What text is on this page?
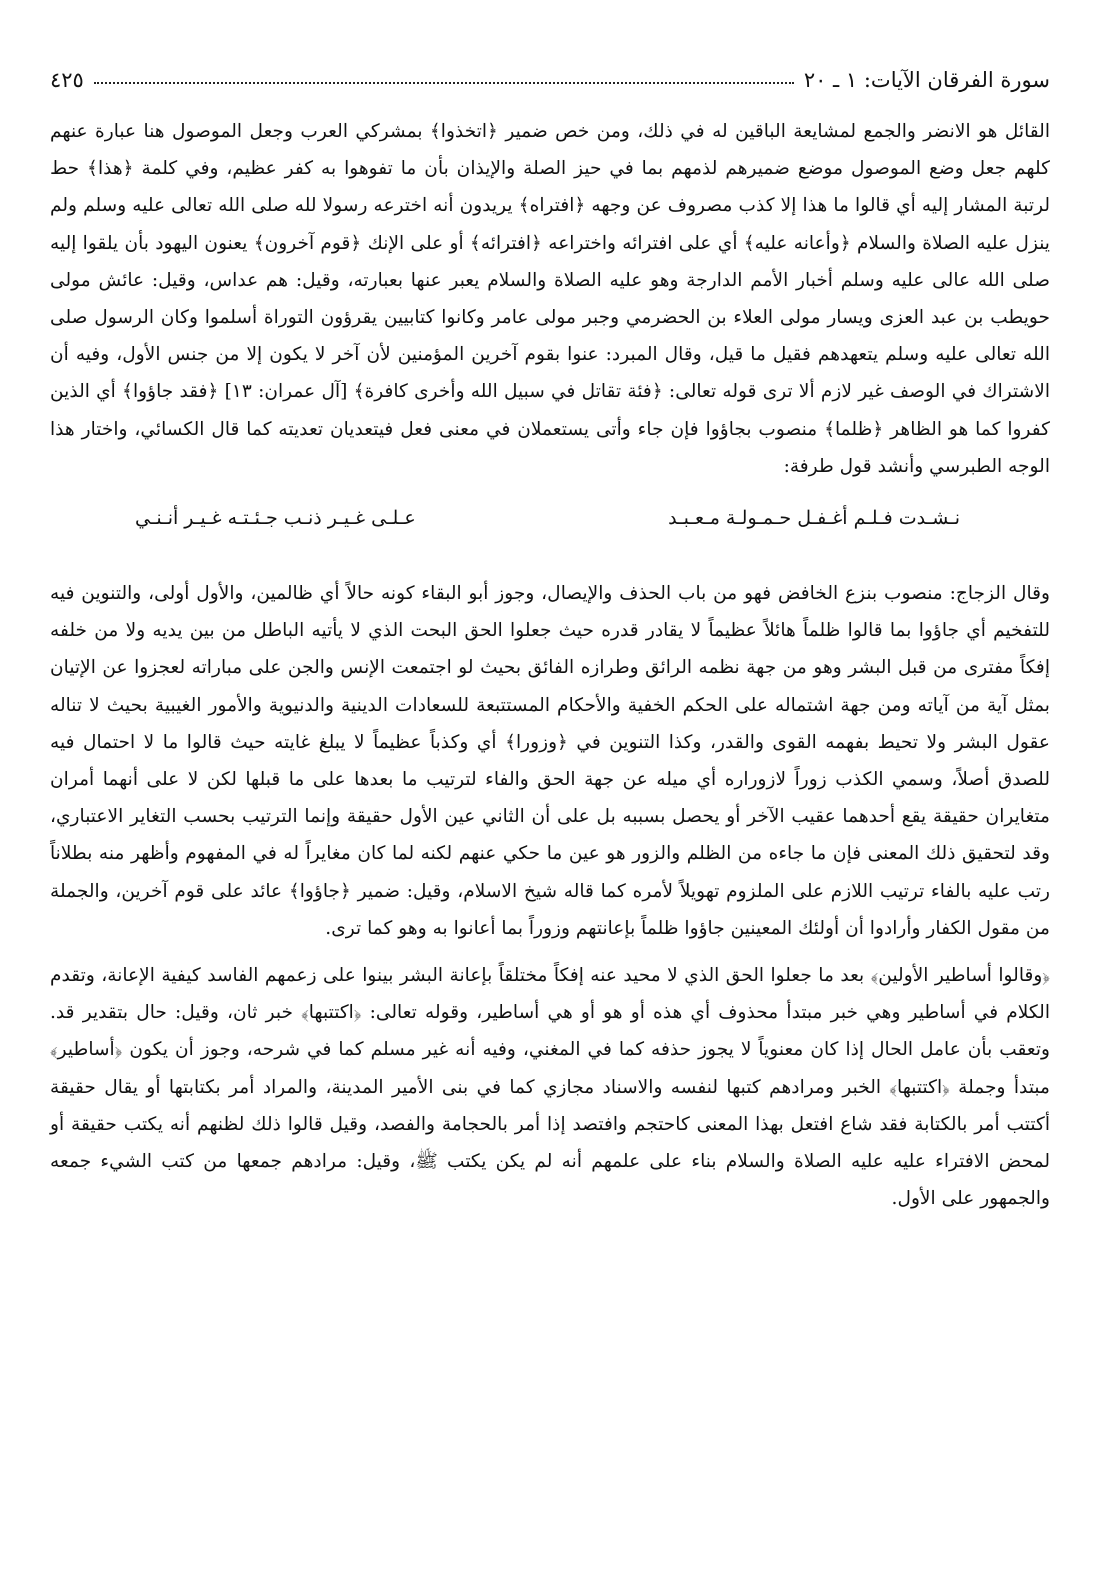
سورة الفرقان الآيات: ١ ـ ٢٠
٤٢٥

القائل هو الانضر والجمع لمشايعة الباقين له في ذلك، ومن خص ضمير ﴿اتخذوا﴾ بمشركي العرب وجعل الموصول هنا عبارة عنهم كلهم جعل وضع الموصول موضع ضميرهم لذمهم بما في حيز الصلة والإيذان بأن ما تفوهوا به كفر عظيم، وفي كلمة ﴿هذا﴾ حط لرتبة المشار إليه أي قالوا ما هذا إلا كذب مصروف عن وجهه ﴿افتراه﴾ يريدون أنه اخترعه رسولا لله صلى الله تعالى عليه وسلم ولم ينزل عليه الصلاة والسلام ﴿وأعانه عليه﴾ أي على افترائه واختراعه ﴿افترائه﴾ أو على الإنك ﴿قوم آخرون﴾ يعنون اليهود بأن يلقوا إليه صلى الله عالى عليه وسلم أخبار الأمم الدارجة وهو عليه الصلاة والسلام يعبر عنها بعبارته، وقيل: هم عداس، وقيل: عائش مولى حويطب بن عبد العزى ويسار مولى العلاء بن الحضرمي وجبر مولى عامر وكانوا كتابيين يقرؤون التوراة أسلموا وكان الرسول صلى الله تعالى عليه وسلم يتعهدهم فقيل ما قيل، وقال المبرد: عنوا بقوم آخرين المؤمنين لأن آخر لا يكون إلا من جنس الأول، وفيه أن الاشتراك في الوصف غير لازم ألا ترى قوله تعالى: ﴿فئة تقاتل في سبيل الله وأخرى كافرة﴾ [آل عمران: ١٣] ﴿فقد جاؤوا﴾ أي الذين كفروا كما هو الظاهر ﴿ظلما﴾ منصوب بجاؤوا فإن جاء وأتى يستعملان في معنى فعل فيتعديان تعديته كما قال الكسائي، واختار هذا الوجه الطبرسي وأنشد قول طرفة:

نـشـدت فـلـم أغـفـل حـمـولـة مـعـبـد
عـلـى غـيـر ذنـب جـئـتـه غـيـر أنـنـي

وقال الزجاج: منصوب بنزع الخافض فهو من باب الحذف والإيصال، وجوز أبو البقاء كونه حالاً أي ظالمين، والأول أولى، والتنوين فيه للتفخيم أي جاؤوا بما قالوا ظلماً هائلاً عظيماً لا يقادر قدره حيث جعلوا الحق البحت الذي لا يأتيه الباطل من بين يديه ولا من خلفه إفكاً مفترى من قبل البشر وهو من جهة نظمه الرائق وطرازه الفائق بحيث لو اجتمعت الإنس والجن على مباراته لعجزوا عن الإتيان بمثل آية من آياته ومن جهة اشتماله على الحكم الخفية والأحكام المستتبعة للسعادات الدينية والدنيوية والأمور الغيبية بحيث لا تناله عقول البشر ولا تحيط بفهمه القوى والقدر، وكذا التنوين في ﴿وزورا﴾ أي وكذباً عظيماً لا يبلغ غايته حيث قالوا ما لا احتمال فيه للصدق أصلاً، وسمي الكذب زوراً لازوراره أي ميله عن جهة الحق والفاء لترتيب ما بعدها على ما قبلها لكن لا على أنهما أمران متغايران حقيقة يقع أحدهما عقيب الآخر أو يحصل بسببه بل على أن الثاني عين الأول حقيقة وإنما الترتيب بحسب التغاير الاعتباري، وقد لتحقيق ذلك المعنى فإن ما جاءه من الظلم والزور هو عين ما حكي عنهم لكنه لما كان مغايراً له في المفهوم وأظهر منه بطلاناً رتب عليه بالفاء ترتيب اللازم على الملزوم تهويلاً لأمره كما قاله شيخ الاسلام، وقيل: ضمير ﴿جاؤوا﴾ عائد على قوم آخرين، والجملة من مقول الكفار وأرادوا أن أولئك المعينين جاؤوا ظلماً بإعانتهم وزوراً بما أعانوا به وهو كما ترى.

﴿وقالوا أساطير الأولين﴾ بعد ما جعلوا الحق الذي لا محيد عنه إفكاً مختلقاً بإعانة البشر بينوا على زعمهم الفاسد كيفية الإعانة، وتقدم الكلام في أساطير وهي خبر مبتدأ محذوف أي هذه أو هو أو هي أساطير، وقوله تعالى: ﴿اكتتبها﴾ خبر ثان، وقيل: حال بتقدير قد. وتعقب بأن عامل الحال إذا كان معنوياً لا يجوز حذفه كما في المغني، وفيه أنه غير مسلم كما في شرحه، وجوز أن يكون ﴿أساطير﴾ مبتدأ وجملة ﴿اكتتبها﴾ الخبر ومرادهم كتبها لنفسه والاسناد مجازي كما في بنى الأمير المدينة، والمراد أمر بكتابتها أو يقال حقيقة أكتتب أمر بالكتابة فقد شاع افتعل بهذا المعنى كاحتجم وافتصد إذا أمر بالحجامة والفصد، وقيل قالوا ذلك لظنهم أنه يكتب حقيقة أو لمحض الافتراء عليه عليه الصلاة والسلام بناء على علمهم أنه لم يكن يكتب ﷺ، وقيل: مرادهم جمعها من كتب الشيء جمعه والجمهور على الأول.
